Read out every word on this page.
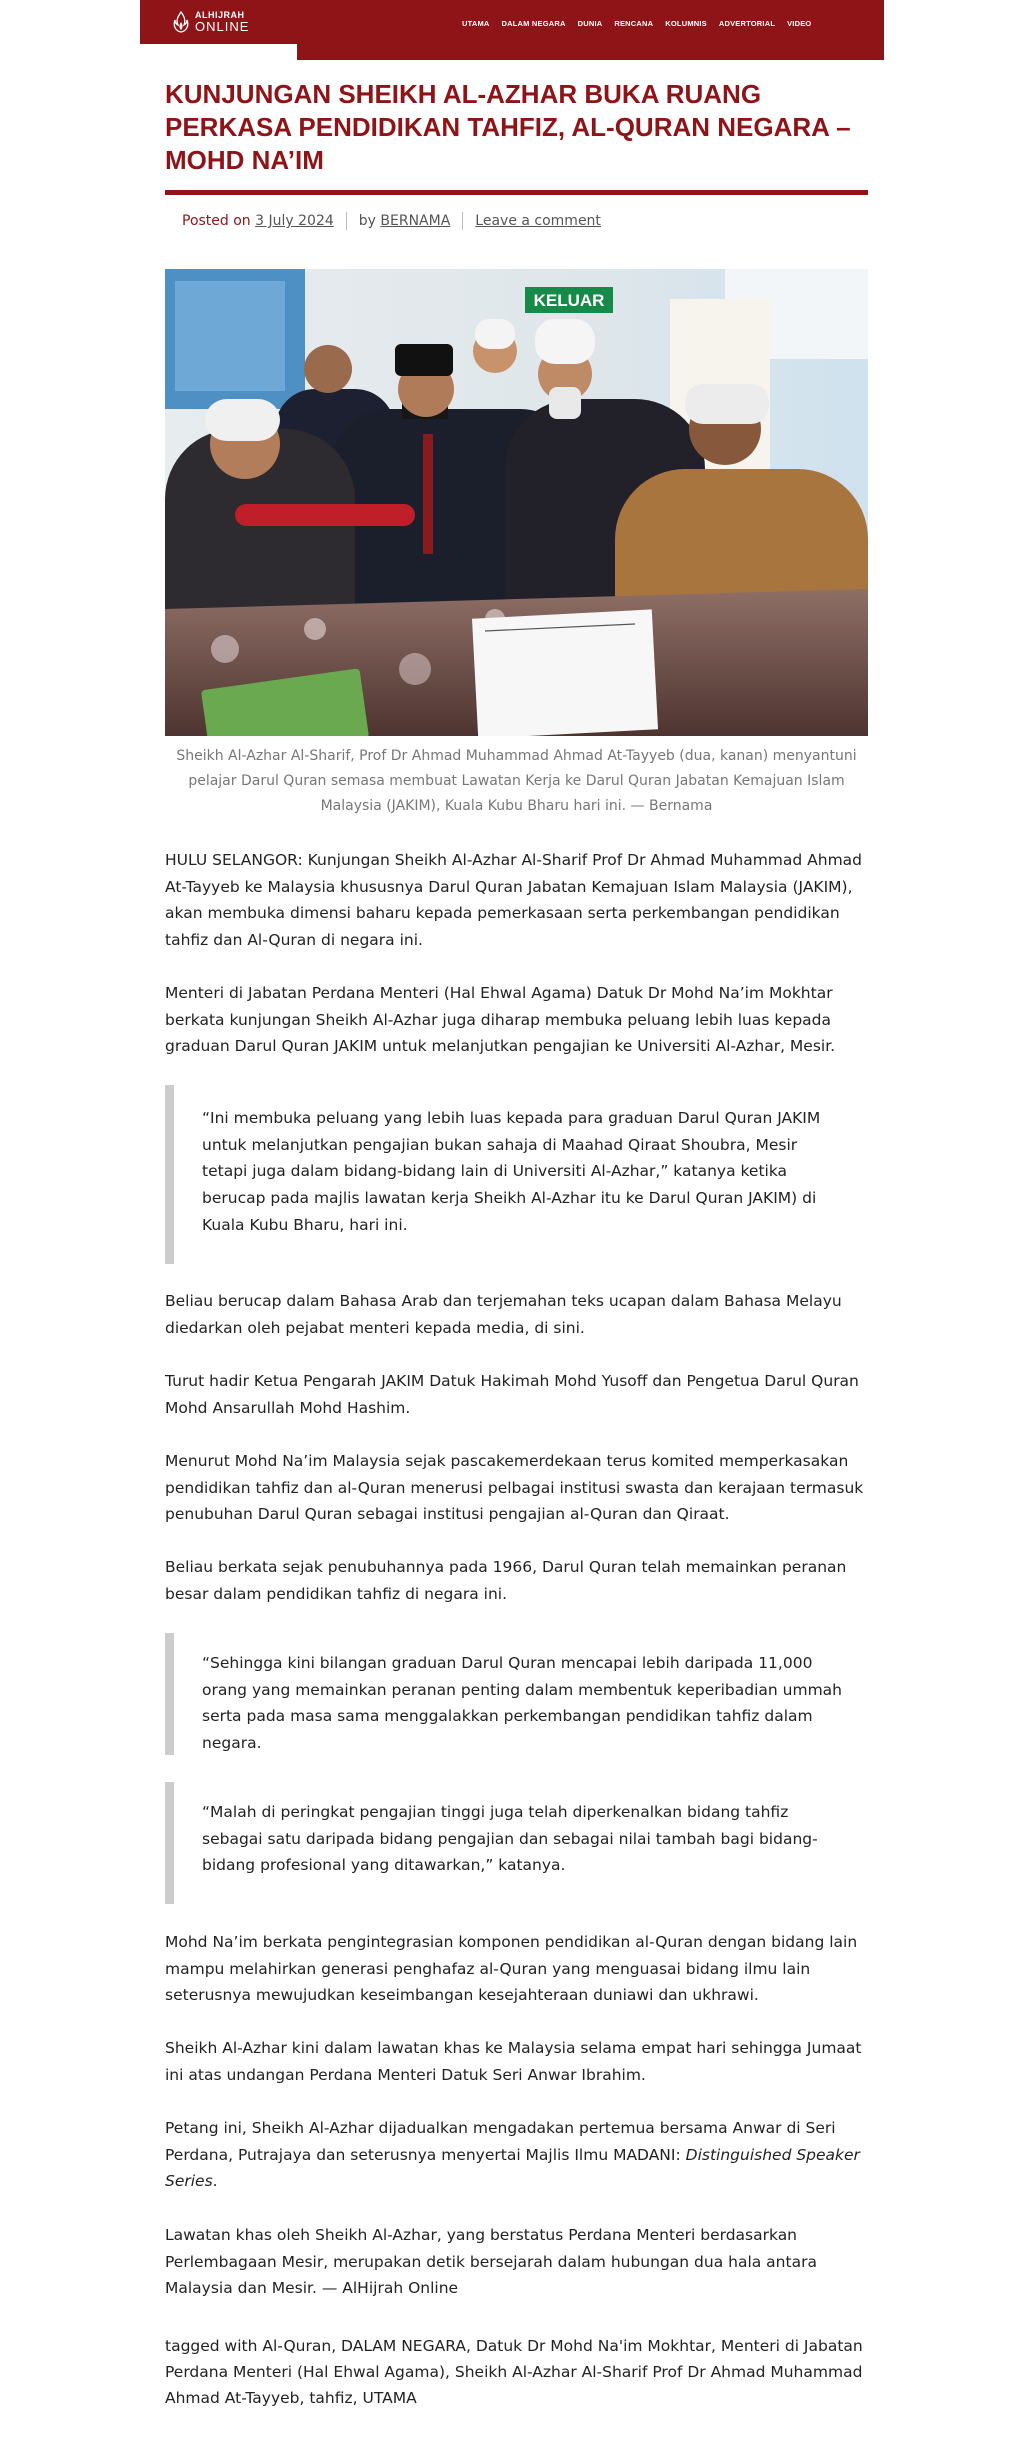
ALHIJRAH
ONLINE	UTAMA DALAM NEGARA DUNIA RENCANA KOLUMNIS ADVERTORIAL VIDEO
KUNJUNGAN SHEIKH AL-AZHAR BUKA RUANG PERKASA PENDIDIKAN TAHFIZ, AL-QURAN NEGARA – MOHD NA’IM
Posted on
3 July 2024 by
BERNAMA Leave a comment
KELUAR

Sheikh Al-Azhar Al-Sharif, Prof Dr Ahmad Muhammad Ahmad At-Tayyeb (dua, kanan) menyantuni pelajar Darul Quran semasa membuat Lawatan Kerja ke Darul Quran Jabatan Kemajuan Islam Malaysia (JAKIM), Kuala Kubu Bharu hari ini. — Bernama

HULU SELANGOR: Kunjungan Sheikh Al-Azhar Al-Sharif Prof Dr Ahmad Muhammad Ahmad At-Tayyeb ke Malaysia khususnya Darul Quran Jabatan Kemajuan Islam Malaysia (JAKIM), akan membuka dimensi baharu kepada pemerkasaan serta perkembangan pendidikan tahfiz dan Al-Quran di negara ini.

Menteri di Jabatan Perdana Menteri (Hal Ehwal Agama) Datuk Dr Mohd Na’im Mokhtar berkata kunjungan Sheikh Al-Azhar juga diharap membuka peluang lebih luas kepada graduan Darul Quran JAKIM untuk melanjutkan pengajian ke Universiti Al-Azhar, Mesir.

“Ini membuka peluang yang lebih luas kepada para graduan Darul Quran JAKIM untuk melanjutkan pengajian bukan sahaja di Maahad Qiraat Shoubra, Mesir tetapi juga dalam bidang-bidang lain di Universiti Al-Azhar,” katanya ketika berucap pada majlis lawatan kerja Sheikh Al-Azhar itu ke Darul Quran JAKIM) di Kuala Kubu Bharu, hari ini.

Beliau berucap dalam Bahasa Arab dan terjemahan teks ucapan dalam Bahasa Melayu diedarkan oleh pejabat menteri kepada media, di sini.

Turut hadir Ketua Pengarah JAKIM Datuk Hakimah Mohd Yusoff dan Pengetua Darul Quran Mohd Ansarullah Mohd Hashim.

Menurut Mohd Na’im Malaysia sejak pascakemerdekaan terus komited memperkasakan pendidikan tahfiz dan al-Quran menerusi pelbagai institusi swasta dan kerajaan termasuk penubuhan Darul Quran sebagai institusi pengajian al-Quran dan Qiraat.

Beliau berkata sejak penubuhannya pada 1966, Darul Quran telah memainkan peranan besar dalam pendidikan tahfiz di negara ini.

“Sehingga kini bilangan graduan Darul Quran mencapai lebih daripada 11,000 orang yang memainkan peranan penting dalam membentuk keperibadian ummah serta pada masa sama menggalakkan perkembangan pendidikan tahfiz dalam negara.

“Malah di peringkat pengajian tinggi juga telah diperkenalkan bidang tahfiz sebagai satu daripada bidang pengajian dan sebagai nilai tambah bagi bidang-bidang profesional yang ditawarkan,” katanya.

Mohd Na’im berkata pengintegrasian komponen pendidikan al-Quran dengan bidang lain mampu melahirkan generasi penghafaz al-Quran yang menguasai bidang ilmu lain seterusnya mewujudkan keseimbangan kesejahteraan duniawi dan ukhrawi.

Sheikh Al-Azhar kini dalam lawatan khas ke Malaysia selama empat hari sehingga Jumaat ini atas undangan Perdana Menteri Datuk Seri Anwar Ibrahim.

Petang ini, Sheikh Al-Azhar dijadualkan mengadakan pertemua bersama Anwar di Seri Perdana, Putrajaya dan seterusnya menyertai Majlis Ilmu MADANI: Distinguished Speaker Series.

Lawatan khas oleh Sheikh Al-Azhar, yang berstatus Perdana Menteri berdasarkan Perlembagaan Mesir, merupakan detik bersejarah dalam hubungan dua hala antara Malaysia dan Mesir. — AlHijrah Online

tagged with Al-Quran, DALAM NEGARA, Datuk Dr Mohd Na'im Mokhtar, Menteri di Jabatan Perdana Menteri (Hal Ehwal Agama), Sheikh Al-Azhar Al-Sharif Prof Dr Ahmad Muhammad Ahmad At-Tayyeb, tahfiz, UTAMA
